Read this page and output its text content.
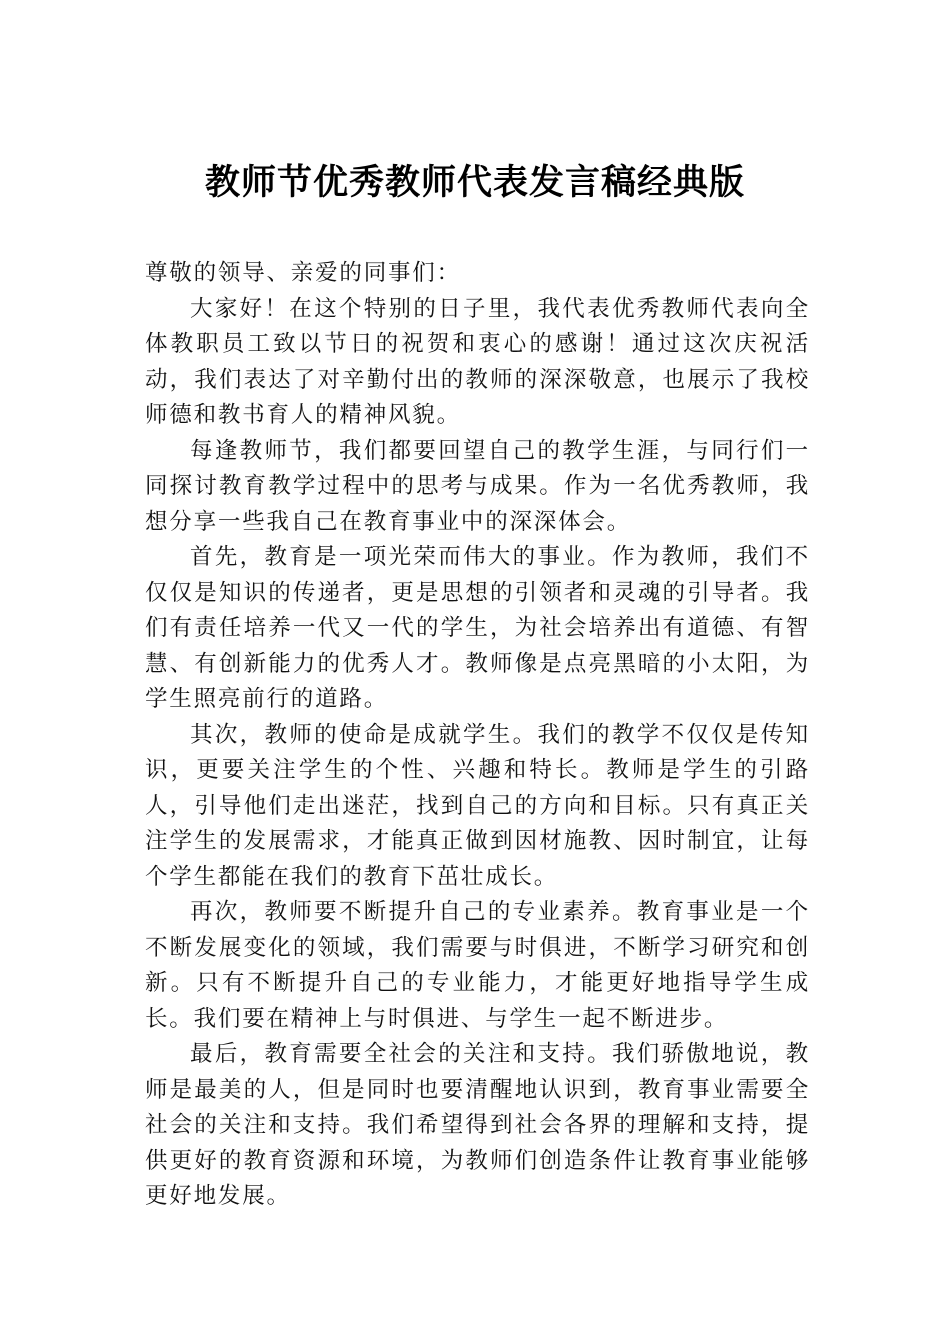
教师节优秀教师代表发言稿经典版

尊敬的领导、亲爱的同事们：

大家好！在这个特别的日子里，我代表优秀教师代表向全体教职员工致以节日的祝贺和衷心的感谢！通过这次庆祝活动，我们表达了对辛勤付出的教师的深深敬意，也展示了我校师德和教书育人的精神风貌。

每逢教师节，我们都要回望自己的教学生涯，与同行们一同探讨教育教学过程中的思考与成果。作为一名优秀教师，我想分享一些我自己在教育事业中的深深体会。

首先，教育是一项光荣而伟大的事业。作为教师，我们不仅仅是知识的传递者，更是思想的引领者和灵魂的引导者。我们有责任培养一代又一代的学生，为社会培养出有道德、有智慧、有创新能力的优秀人才。教师像是点亮黑暗的小太阳，为学生照亮前行的道路。

其次，教师的使命是成就学生。我们的教学不仅仅是传知识，更要关注学生的个性、兴趣和特长。教师是学生的引路人，引导他们走出迷茫，找到自己的方向和目标。只有真正关注学生的发展需求，才能真正做到因材施教、因时制宜，让每个学生都能在我们的教育下茁壮成长。

再次，教师要不断提升自己的专业素养。教育事业是一个不断发展变化的领域，我们需要与时俱进，不断学习研究和创新。只有不断提升自己的专业能力，才能更好地指导学生成长。我们要在精神上与时俱进、与学生一起不断进步。

最后，教育需要全社会的关注和支持。我们骄傲地说，教师是最美的人，但是同时也要清醒地认识到，教育事业需要全社会的关注和支持。我们希望得到社会各界的理解和支持，提供更好的教育资源和环境，为教师们创造条件让教育事业能够更好地发展。
